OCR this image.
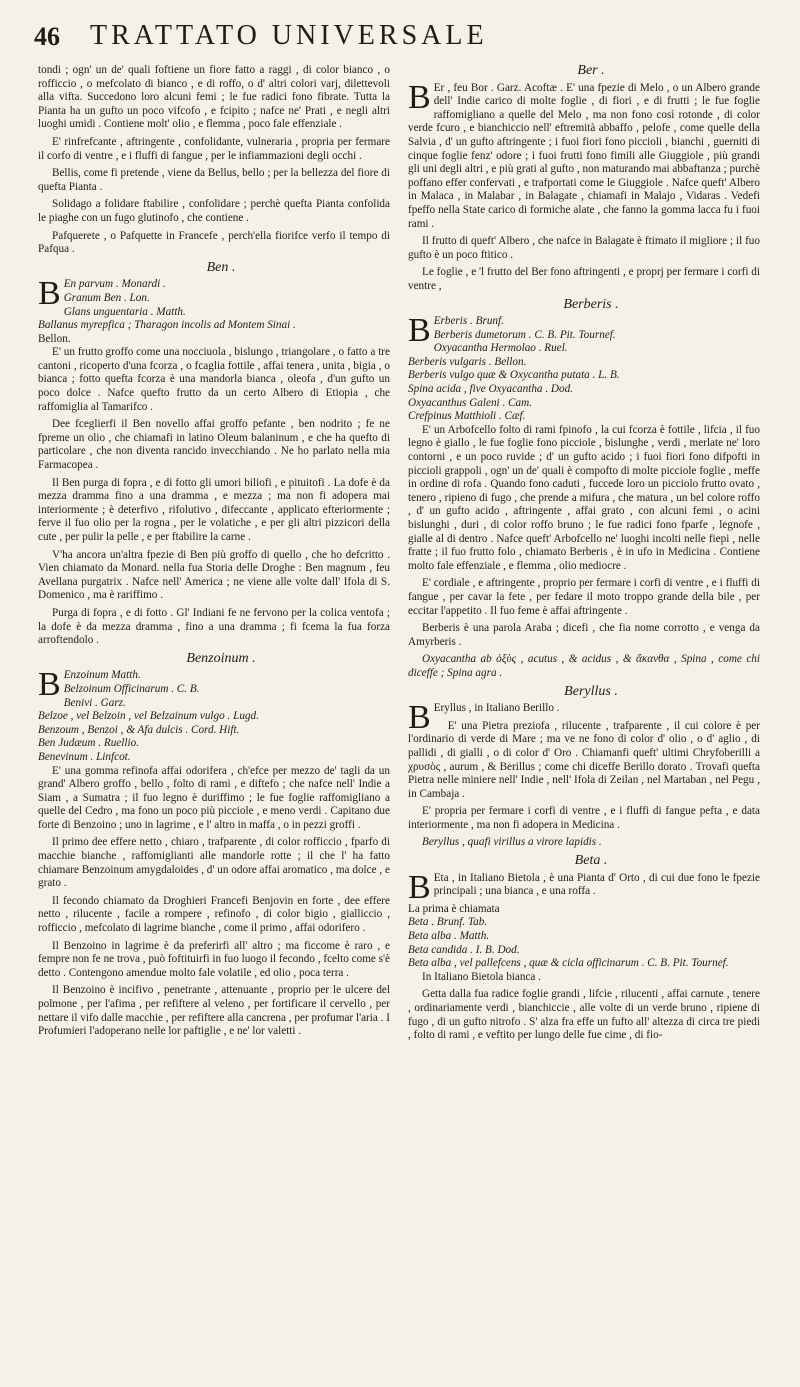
46 TRATTATO UNIVERSALE

tondi ; ogn' un de' quali foftiene un fiore fatto a raggi , di color bianco , o rofficcio , o mefcolato di bianco , e di roffo, o d' altri colori varj, dilettevoli alla vifta. Succedono loro alcuni femi ; le fue radici fono fibrate. Tutta la Pianta ha un gufto un poco vifcofo , e fcipito ; nafce ne' Prati , e negli altri luoghi umidi . Contiene molt' olio , e flemma , poco fale effenziale .

E' rinfrefcante , aftringente , confolidante, vulneraria , propria per fermare il corfo di ventre , e i fluffi di fangue , per le infiammazioni degli occhi .

Bellis, come fi pretende , viene da Bellus, bello ; per la bellezza del fiore di quefta Pianta .

Solidago a folidare ftabilire , confolidare ; perchè quefta Pianta confolida le piaghe con un fugo glutinofo , che contiene .

Pafquerete , o Pafquette in Francefe , perch'ella fiorifce verfo il tempo di Pafqua .

Ben .

B En parvum . Monardi .

Granum Ben . Lon.

Glans unguentaria . Matth.

Ballanus myrepfica ; Tharagon incolis ad Montem Sinai .

Bellon.

E' un frutto groffo come una nocciuola , bislungo , triangolare , o fatto a tre cantoni , ricoperto d'una fcorza , o fcaglia fottile , affai tenera , unita , bigia , o bianca ; fotto quefta fcorza è una mandorla bianca , oleofa , d'un gufto un poco dolce . Nafce quefto frutto da un certo Albero di Etiopia , che raffomiglia al Tamarifco .

Dee fceglierfi il Ben novello affai groffo pefante , ben nodrito ; fe ne fpreme un olio , che chiamafi in latino Oleum balaninum , e che ha quefto di particolare , che non diventa rancido invecchiando . Ne ho parlato nella mia Farmacopea .

Il Ben purga di fopra , e di fotto gli umori biliofi , e pituitofi . La dofe è da mezza dramma fino a una dramma , e mezza ; ma non fi adopera mai interiormente ; è deterfivo , rifolutivo , difeccante , applicato efteriormente ; ferve il fuo olio per la rogna , per le volatiche , e per gli altri pizzicori della cute , per pulir la pelle , e per ftabilire la carne .

V'ha ancora un'altra fpezie di Ben più groffo di quello , che ho defcritto . Vien chiamato da Monard. nella fua Storia delle Droghe : Ben magnum , feu Avellana purgatrix . Nafce nell' America ; ne viene alle volte dall' Ifola di S. Domenico , ma è rariffimo .

Purga di fopra , e di fotto . Gl' Indiani fe ne fervono per la colica ventofa ; la dofe è da mezza dramma , fino a una dramma ; fi fcema la fua forza arroftendolo .

Benzoinum .

B Enzoinum Matth.

Belzoinum Officinarum . C. B.

Benivi . Garz.

Belzoe , vel Belzoin , vel Belzainum vulgo . Lugd.

Benzoum , Benzoi , & Afa dulcis . Cord. Hift.

Ben Judæum . Ruellio.

Benevinum . Linfcot.

E' una gomma refinofa affai odorifera , ch'efce per mezzo de' tagli da un grand' Albero groffo , bello , folto di rami , e diftefo ; che nafce nell' Indie a Siam , a Sumatra ; il fuo legno è duriffimo ; le fue foglie raffomigliano a quelle del Cedro , ma fono un poco più picciole , e meno verdi . Capitano due forte di Benzoino ; uno in lagrime , e l' altro in maffa , o in pezzi groffi .

Il primo dee effere netto , chiaro , trafparente , di color rofficcio , fparfo di macchie bianche , raffomiglianti alle mandorle rotte ; il che l' ha fatto chiamare Benzoinum amygdaloides , d' un odore affai aromatico , ma dolce , e grato .

Il fecondo chiamato da Droghieri Francefi Benjovin en forte , dee effere netto , rilucente , facile a rompere , refinofo , di color bigio , gialliccio , rofficcio , mefcolato di lagrime bianche , come il primo , affai odorifero .

Il Benzoino in lagrime è da preferirfi all' altro ; ma ficcome è raro , e fempre non fe ne trova , può foftituirfi in fuo luogo il fecondo , fcelto come s'è detto . Contengono amendue molto fale volatile , ed olio , poca terra .

Il Benzoino è incifivo , penetrante , attenuante , proprio per le ulcere del polmone , per l'afima , per refiftere al veleno , per fortificare il cervello , per nettare il vifo dalle macchie , per refiftere alla cancrena , per profumar l'aria . I Profumieri l'adoperano nelle lor paftiglie , e ne' lor valetti .

Ber .

B Er , feu Bor . Garz. Acoftæ . E' una fpezie di Melo , o un Albero grande dell' Indie carico di molte foglie , di fiori , e di frutti ; le fue foglie raffomigliano a quelle del Melo , ma non fono così rotonde , di color verde fcuro , e bianchiccio nell' eftremità abbaffo , pelofe , come quelle della Salvia , d' un gufto aftringente ; i fuoi fiori fono piccioli , bianchi , guerniti di cinque foglie fenz' odore ; i fuoi frutti fono fimili alle Giuggiole , più grandi gli uni degli altri , e più grati al gufto , non maturando mai abbaftanza ; purchè poffano effer confervati , e trafportati come le Giuggiole . Nafce queft' Albero in Malaca , in Malabar , in Balagate , chiamafi in Malajo , Vidaras . Vedefi fpeffo nella State carico di formiche alate , che fanno la gomma lacca fu i fuoi rami .

Il frutto di queft' Albero , che nafce in Balagate è ftimato il migliore ; il fuo gufto è un poco ftitico .

Le foglie , e 'l frutto del Ber fono aftringenti , e proprj per fermare i corfi di ventre ,

Berberis .

B Erberis . Brunf.

Berberis dumetorum . C. B. Pit. Tournef.

Oxyacantha Hermolao . Ruel.

Berberis vulgaris . Bellon.

Berberis vulgo quæ & Oxycantha putata . L. B.

Spina acida , five Oxyacantha . Dod.

Oxyacanthus Galeni . Cam.

Crefpinus Matthioli . Cæf.

E' un Arbofcello folto di rami fpinofo , la cui fcorza è fottile , lifcia , il fuo legno è giallo , le fue foglie fono picciole , bislunghe , verdi , merlate ne' loro contorni , e un poco ruvide ; d' un gufto acido ; i fuoi fiori fono difpofti in piccioli grappoli , ogn' un de' quali è compofto di molte picciole foglie , meffe in ordine di rofa . Quando fono caduti , fuccede loro un picciolo frutto ovato , tenero , ripieno di fugo , che prende a mifura , che matura , un bel colore roffo , d' un gufto acido , aftringente , affai grato , con alcuni femi , o acini bislunghi , duri , di color roffo bruno ; le fue radici fono fparfe , legnofe , gialle al di dentro . Nafce queft' Arbofcello ne' luoghi incolti nelle fiepi , nelle fratte ; il fuo frutto folo , chiamato Berberis , è in ufo in Medicina . Contiene molto fale effenziale , e flemma , olio mediocre .

E' cordiale , e aftringente , proprio per fermare i corfi di ventre , e i fluffi di fangue , per cavar la fete , per fedare il moto troppo grande della bile , per eccitar l'appetito . Il fuo feme è affai aftringente .

Berberis è una parola Araba ; dicefi , che fia nome corrotto , e venga da Amyrberis .

Oxyacantha ab ὀξὺς , acutus , & acidus , & ἄκανθα , Spina , come chi diceffe ; Spina agra .

Beryllus .

B Eryllus , in Italiano Berillo .

E' una Pietra preziofa , rilucente , trafparente , il cui colore è per l'ordinario di verde di Mare ; ma ve ne fono di color d' olio , o d' aglio , di pallidi , di gialli , o di color d' Oro . Chiamanfi queft' ultimi Chryfoberilli a χρυσὸς , aurum , & Berillus ; come chi diceffe Berillo dorato . Trovafi quefta Pietra nelle miniere nell' Indie , nell' Ifola di Zeilan , nel Martaban , nel Pegu , in Cambaja .

E' propria per fermare i corfi di ventre , e i fluffi di fangue pefta , e data interiormente , ma non fi adopera in Medicina .

Beryllus , quafi virillus a virore lapidis .

Beta .

B Eta , in Italiano Bietola , è una Pianta d' Orto , di cui due fono le fpezie principali ; una bianca , e una roffa .

La prima è chiamata

Beta . Brunf. Tab.

Beta alba . Matth.

Beta candida . I. B. Dod.

Beta alba , vel pallefcens , quæ & cicla officinarum . C. B. Pit. Tournef.

In Italiano Bietola bianca .

Getta dalla fua radice foglie grandi , lifcie , rilucenti , affai carnute , tenere , ordinariamente verdi , bianchiccie , alle volte di un verde bruno , ripiene di fugo , di un gufto nitrofo . S' alza fra effe un fufto all' altezza di circa tre piedi , folto di rami , e veftito per lungo delle fue cime , di fio-
